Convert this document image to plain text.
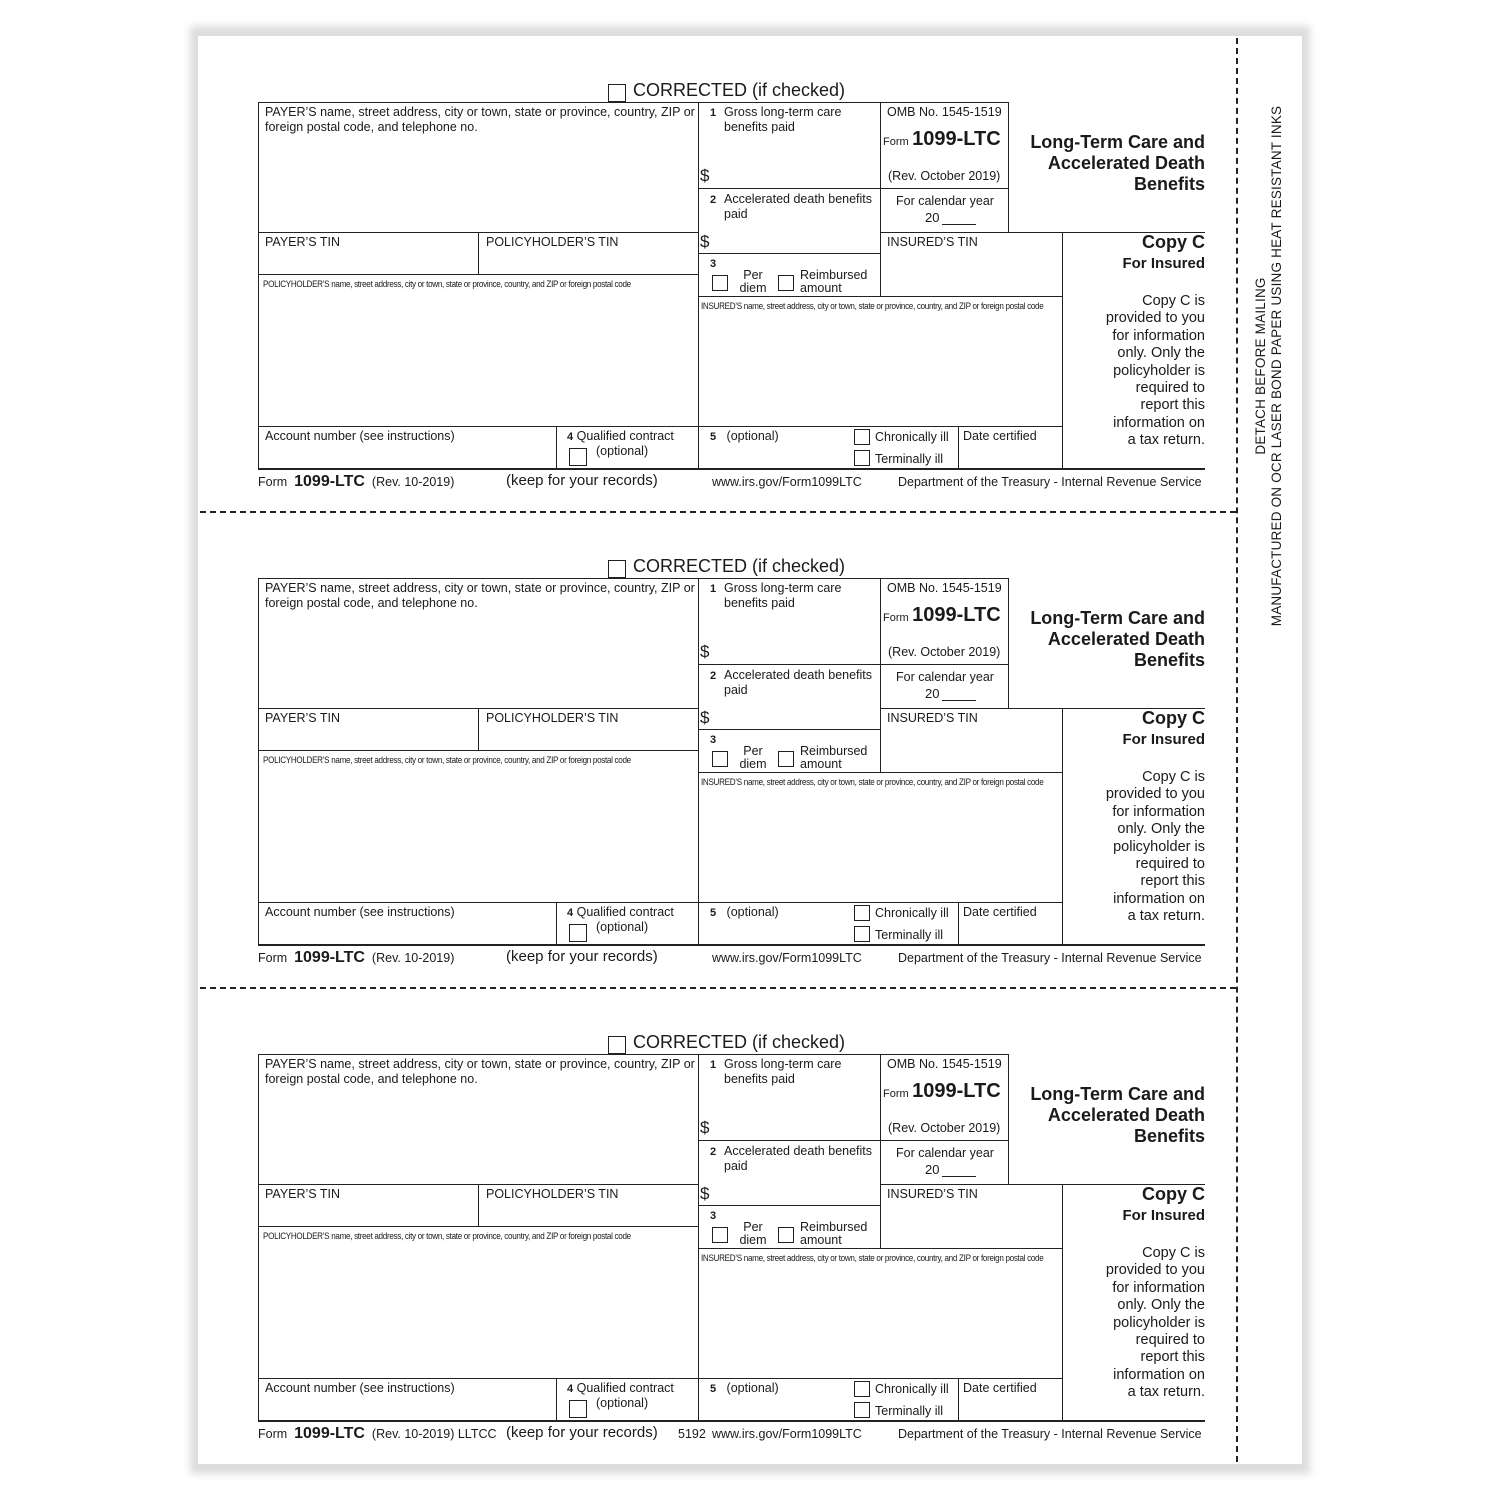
DETACH BEFORE MAILING MANUFACTURED ON OCR LASER BOND PAPER USING HEAT RESISTANT INKS
CORRECTED (if checked)
PAYER’S name, street address, city or town, state or province, country, ZIP or foreign postal code, and telephone no.
1 Gross long-term care benefits paid
$
OMB No. 1545-1519
Form 1099-LTC
(Rev. October 2019)
For calendar year
20
Long-Term Care and
Accelerated Death
Benefits
2 Accelerated death benefits paid
$
PAYER’S TIN	POLICYHOLDER’S TIN	INSURED’S TIN	Copy C
For Insured
3
Per diem
Reimbursed amount
POLICYHOLDER’S name, street address, city or town, state or province, country, and ZIP or foreign postal code
INSURED’S name, street address, city or town, state or province, country, and ZIP or foreign postal code	Copy C is
provided to you
for information
only. Only the
policyholder is
required to
report this
information on
a tax return.
Account number (see instructions)	4 Qualified contract
(optional)
5 (optional)	Chronically ill
Terminally ill
Date certified
Form 1099-LTC (Rev. 10-2019)	(keep for your records)	www.irs.gov/Form1099LTC	Department of the Treasury - Internal Revenue Service
CORRECTED (if checked)
PAYER’S name, street address, city or town, state or province, country, ZIP or foreign postal code, and telephone no.
1 Gross long-term care benefits paid
$
OMB No. 1545-1519
Form 1099-LTC
(Rev. October 2019)
For calendar year
20
Long-Term Care and
Accelerated Death
Benefits
2 Accelerated death benefits paid
$
PAYER’S TIN	POLICYHOLDER’S TIN	INSURED’S TIN	Copy C
For Insured
3
Per diem
Reimbursed amount
POLICYHOLDER’S name, street address, city or town, state or province, country, and ZIP or foreign postal code
INSURED’S name, street address, city or town, state or province, country, and ZIP or foreign postal code	Copy C is
provided to you
for information
only. Only the
policyholder is
required to
report this
information on
a tax return.
Account number (see instructions)	4 Qualified contract
(optional)
5 (optional)	Chronically ill
Terminally ill
Date certified
Form 1099-LTC (Rev. 10-2019)	(keep for your records)	www.irs.gov/Form1099LTC	Department of the Treasury - Internal Revenue Service
CORRECTED (if checked)
PAYER’S name, street address, city or town, state or province, country, ZIP or foreign postal code, and telephone no.
1 Gross long-term care benefits paid
$
OMB No. 1545-1519
Form 1099-LTC
(Rev. October 2019)
For calendar year
20
Long-Term Care and
Accelerated Death
Benefits
2 Accelerated death benefits paid
$
PAYER’S TIN	POLICYHOLDER’S TIN	INSURED’S TIN	Copy C
For Insured
3
Per diem
Reimbursed amount
POLICYHOLDER’S name, street address, city or town, state or province, country, and ZIP or foreign postal code
INSURED’S name, street address, city or town, state or province, country, and ZIP or foreign postal code	Copy C is
provided to you
for information
only. Only the
policyholder is
required to
report this
information on
a tax return.
Account number (see instructions)	4 Qualified contract
(optional)
5 (optional)	Chronically ill
Terminally ill
Date certified
Form 1099-LTC (Rev. 10-2019) LLTCC (keep for your records) 5192 www.irs.gov/Form1099LTC	Department of the Treasury - Internal Revenue Service
